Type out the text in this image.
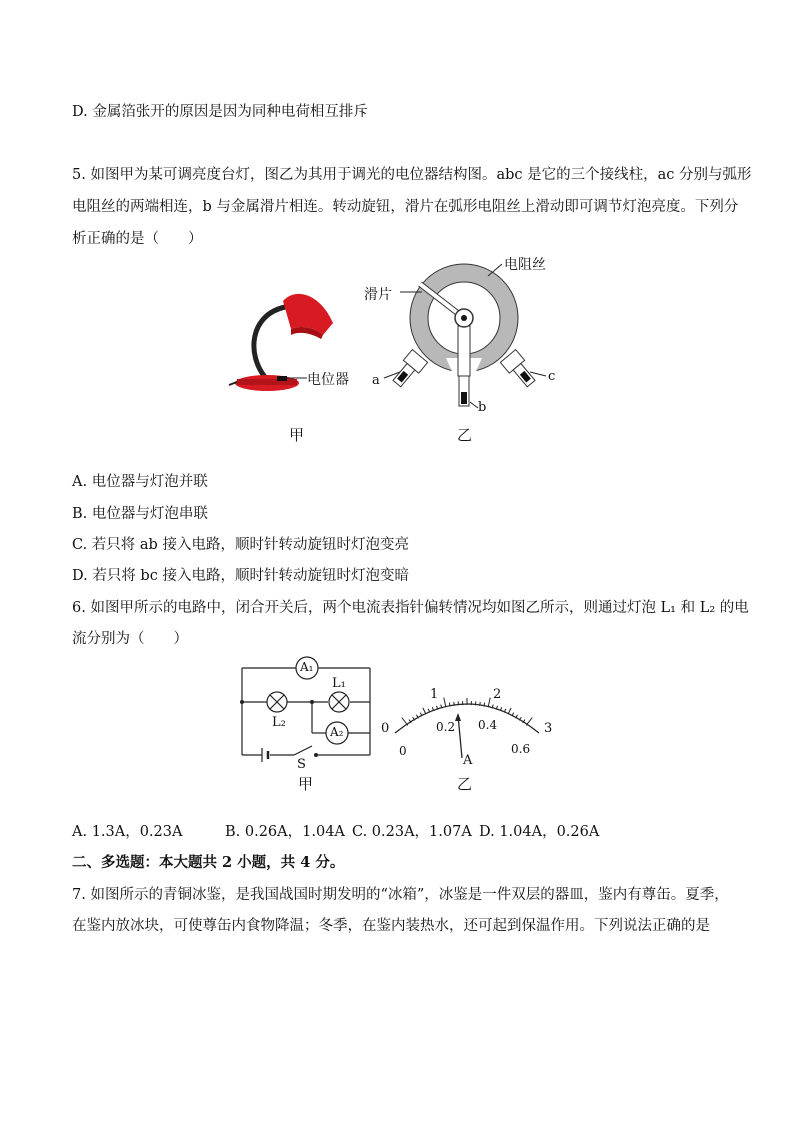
D. 金属箔张开的原因是因为同种电荷相互排斥
5. 如图甲为某可调亮度台灯，图乙为其用于调光的电位器结构图。abc 是它的三个接线柱，ac 分别与弧形
电阻丝的两端相连，b 与金属滑片相连。转动旋钮，滑片在弧形电阻丝上滑动即可调节灯泡亮度。下列分
析正确的是（　　）
电位器
甲
电阻丝
滑片
a	c
b
乙
A. 电位器与灯泡并联
B. 电位器与灯泡串联
C. 若只将 ab 接入电路，顺时针转动旋钮时灯泡变亮
D. 若只将 bc 接入电路，顺时针转动旋钮时灯泡变暗
6. 如图甲所示的电路中，闭合开关后，两个电流表指针偏转情况均如图乙所示，则通过灯泡 L₁ 和 L₂ 的电
流分别为（　　）
A₁
A₂
L₁
L₂
S
甲
0
1	2
3
0
0.2 0.4
0.6
A
乙
A. 1.3A，0.23A	B. 0.26A，1.04A C. 0.23A，1.07A D. 1.04A，0.26A
二、多选题：本大题共 2 小题，共 4 分。
7. 如图所示的青铜冰鉴，是我国战国时期发明的“冰箱”，冰鉴是一件双层的器皿，鉴内有尊缶。夏季，
在鉴内放冰块，可使尊缶内食物降温；冬季，在鉴内装热水，还可起到保温作用。下列说法正确的是
